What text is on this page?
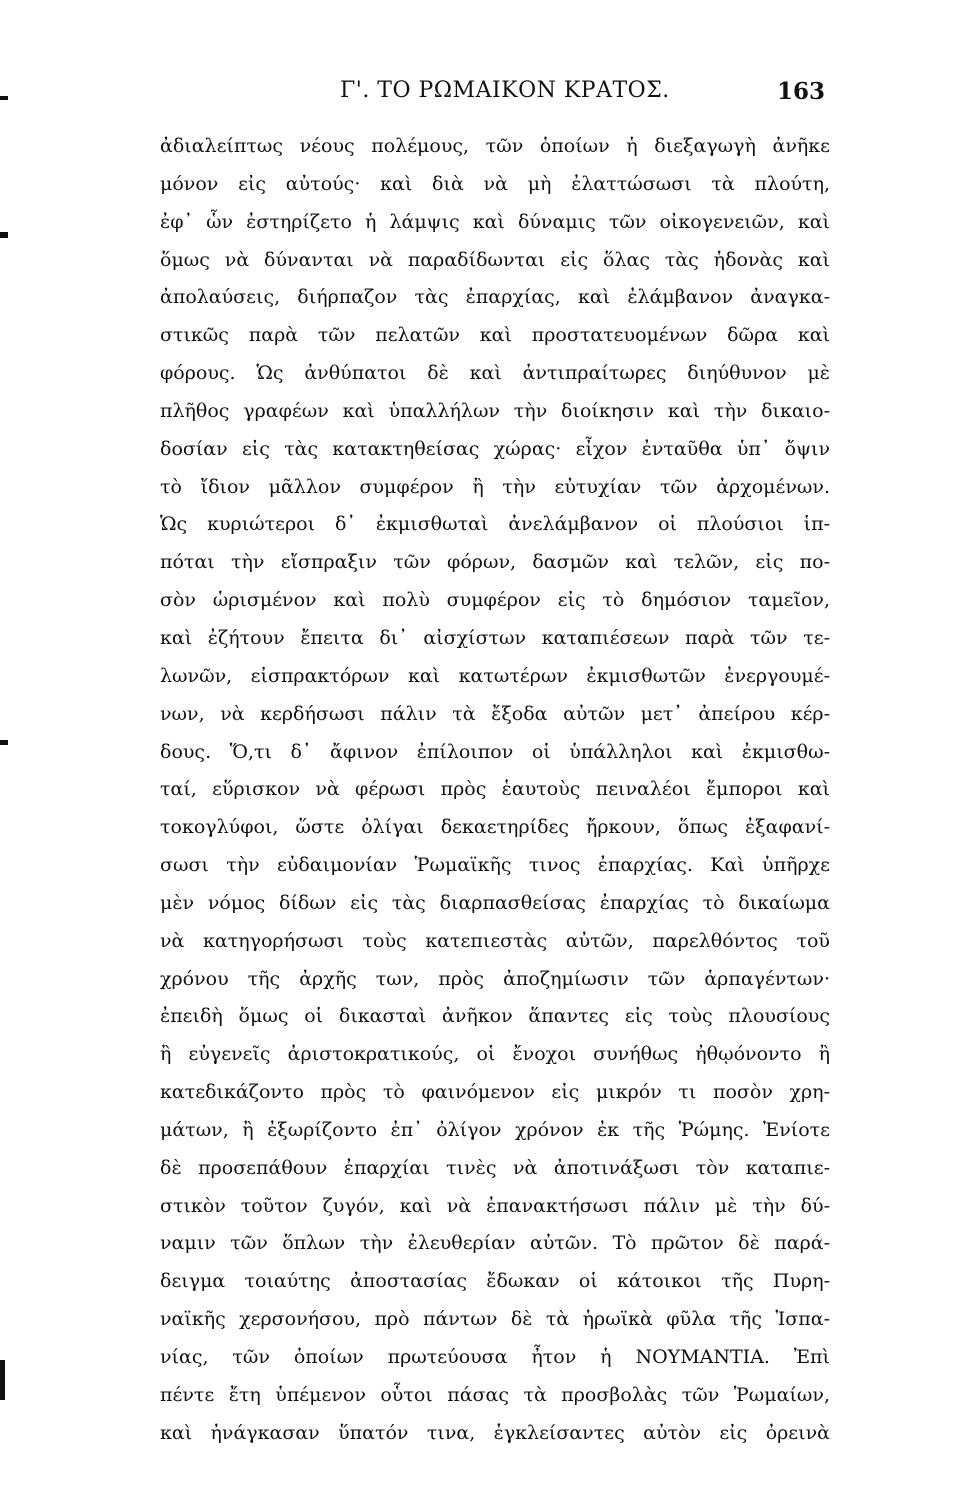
Γ'. ΤΟ ΡΩΜΑΙΚΟΝ ΚΡΑΤΟΣ.	163
ἀδιαλείπτως νέους πολέμους, τῶν ὁποίων ἡ διεξαγωγὴ ἀνῆκε
μόνον εἰς αὐτούς· καὶ διὰ νὰ μὴ ἐλαττώσωσι τὰ πλούτη,
ἐφ᾽ ὧν ἐστηρίζετο ἡ λάμψις καὶ δύναμις τῶν οἰκογενειῶν, καὶ
ὅμως νὰ δύνανται νὰ παραδίδωνται εἰς ὅλας τὰς ἡδονὰς καὶ
ἀπολαύσεις, διήρπαζον τὰς ἐπαρχίας, καὶ ἐλάμβανον ἀναγκα-
στικῶς παρὰ τῶν πελατῶν καὶ προστατευομένων δῶρα καὶ
φόρους. Ὡς ἀνθύπατοι δὲ καὶ ἀντιπραίτωρες διηύθυνον μὲ
πλῆθος γραφέων καὶ ὑπαλλήλων τὴν διοίκησιν καὶ τὴν δικαιο-
δοσίαν εἰς τὰς κατακτηθείσας χώρας· εἶχον ἐνταῦθα ὑπ᾽ ὄψιν
τὸ ἴδιον μᾶλλον συμφέρον ἢ τὴν εὐτυχίαν τῶν ἀρχομένων.
Ὡς κυριώτεροι δ᾽ ἐκμισθωταὶ ἀνελάμβανον οἱ πλούσιοι ἱπ-
πόται τὴν εἴσπραξιν τῶν φόρων, δασμῶν καὶ τελῶν, εἰς πο-
σὸν ὡρισμένον καὶ πολὺ συμφέρον εἰς τὸ δημόσιον ταμεῖον,
καὶ ἐζήτουν ἔπειτα δι᾽ αἰσχίστων καταπιέσεων παρὰ τῶν τε-
λωνῶν, εἰσπρακτόρων καὶ κατωτέρων ἐκμισθωτῶν ἐνεργουμέ-
νων, νὰ κερδήσωσι πάλιν τὰ ἔξοδα αὐτῶν μετ᾽ ἀπείρου κέρ-
δους. Ὅ,τι δ᾽ ἄφινον ἐπίλοιπον οἱ ὑπάλληλοι καὶ ἐκμισθω-
ταί, εὕρισκον νὰ φέρωσι πρὸς ἑαυτοὺς πειναλέοι ἔμποροι καὶ
τοκογλύφοι, ὥστε ὀλίγαι δεκαετηρίδες ἤρκουν, ὅπως ἐξαφανί-
σωσι τὴν εὐδαιμονίαν Ῥωμαϊκῆς τινος ἐπαρχίας. Καὶ ὑπῆρχε
μὲν νόμος δίδων εἰς τὰς διαρπασθείσας ἐπαρχίας τὸ δικαίωμα
νὰ κατηγορήσωσι τοὺς κατεπιεστὰς αὐτῶν, παρελθόντος τοῦ
χρόνου τῆς ἀρχῆς των, πρὸς ἀποζημίωσιν τῶν ἁρπαγέντων·
ἐπειδὴ ὅμως οἱ δικασταὶ ἀνῆκον ἅπαντες εἰς τοὺς πλουσίους
ἢ εὐγενεῖς ἀριστοκρατικούς, οἱ ἔνοχοι συνήθως ἠθῳόνοντο ἢ
κατεδικάζοντο πρὸς τὸ φαινόμενον εἰς μικρόν τι ποσὸν χρη-
μάτων, ἢ ἐξωρίζοντο ἐπ᾽ ὀλίγον χρόνον ἐκ τῆς Ῥώμης. Ἐνίοτε
δὲ προσεπάθουν ἐπαρχίαι τινὲς νὰ ἀποτινάξωσι τὸν καταπιε-
στικὸν τοῦτον ζυγόν, καὶ νὰ ἐπανακτήσωσι πάλιν μὲ τὴν δύ-
ναμιν τῶν ὅπλων τὴν ἐλευθερίαν αὐτῶν. Τὸ πρῶτον δὲ παρά-
δειγμα τοιαύτης ἀποστασίας ἔδωκαν οἱ κάτοικοι τῆς Πυρη-
ναϊκῆς χερσονήσου, πρὸ πάντων δὲ τὰ ἡρωϊκὰ φῦλα τῆς Ἰσπα-
νίας, τῶν ὁποίων πρωτεύουσα ἦτον ἡ ΝΟΥΜΑΝΤΙΑ. Ἐπὶ
πέντε ἔτη ὑπέμενον οὗτοι πάσας τὰ προσβολὰς τῶν Ῥωμαίων,
καὶ ἠνάγκασαν ὕπατόν τινα, ἐγκλείσαντες αὐτὸν εἰς ὀρεινὰ
